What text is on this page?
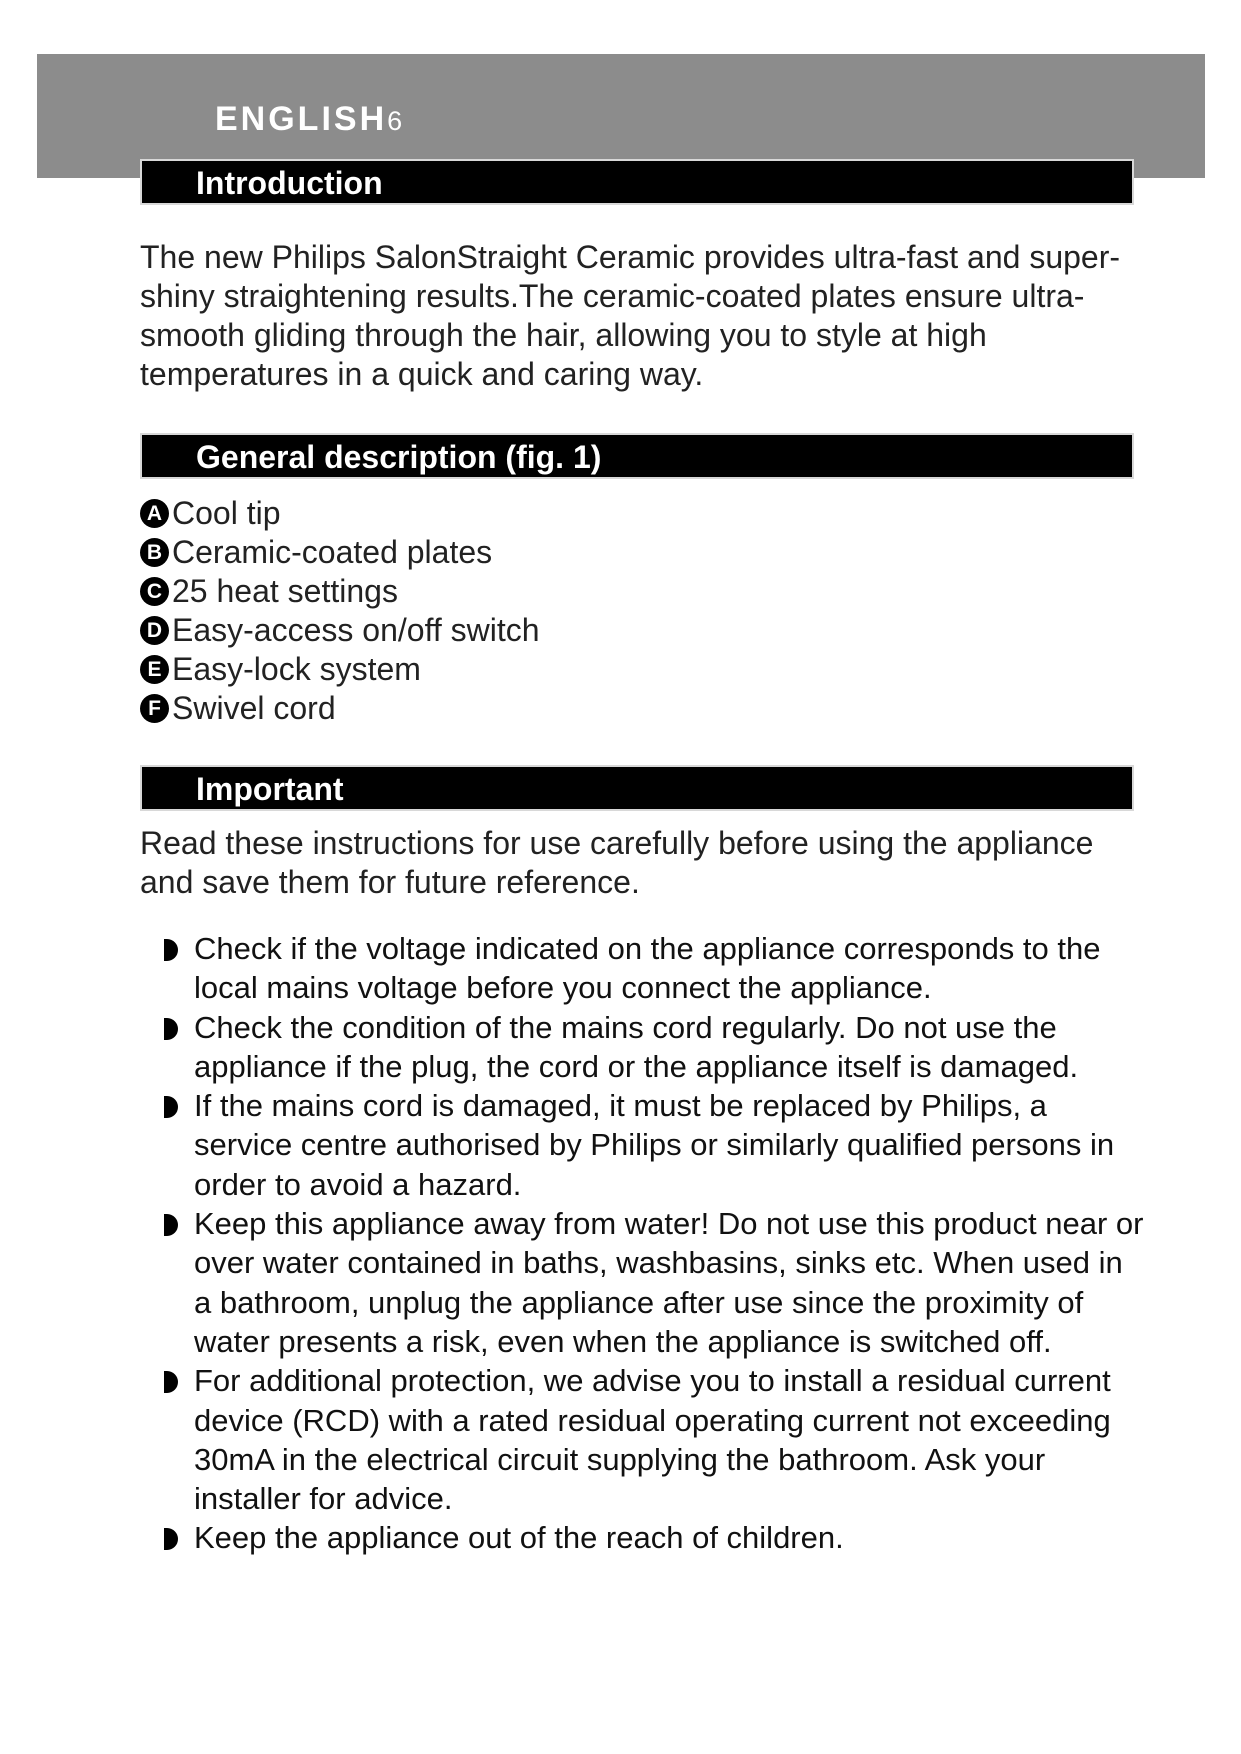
ENGLISH6
Introduction

The new Philips SalonStraight Ceramic provides ultra-fast and super-shiny straightening results.The ceramic-coated plates ensure ultra-smooth gliding through the hair, allowing you to style at high temperatures in a quick and caring way.

General description (fig. 1)
A Cool tip
B Ceramic-coated plates
C 25 heat settings
D Easy-access on/off switch
E Easy-lock system
F Swivel cord
Important

Read these instructions for use carefully before using the appliance and save them for future reference.

Check if the voltage indicated on the appliance corresponds to the local mains voltage before you connect the appliance.
Check the condition of the mains cord regularly. Do not use the appliance if the plug, the cord or the appliance itself is damaged.
If the mains cord is damaged, it must be replaced by Philips, a service centre authorised by Philips or similarly qualified persons in order to avoid a hazard.
Keep this appliance away from water! Do not use this product near or over water contained in baths, washbasins, sinks etc. When used in a bathroom, unplug the appliance after use since the proximity of water presents a risk, even when the appliance is switched off.
For additional protection, we advise you to install a residual current device (RCD) with a rated residual operating current not exceeding 30mA in the electrical circuit supplying the bathroom. Ask your installer for advice.
Keep the appliance out of the reach of children.
